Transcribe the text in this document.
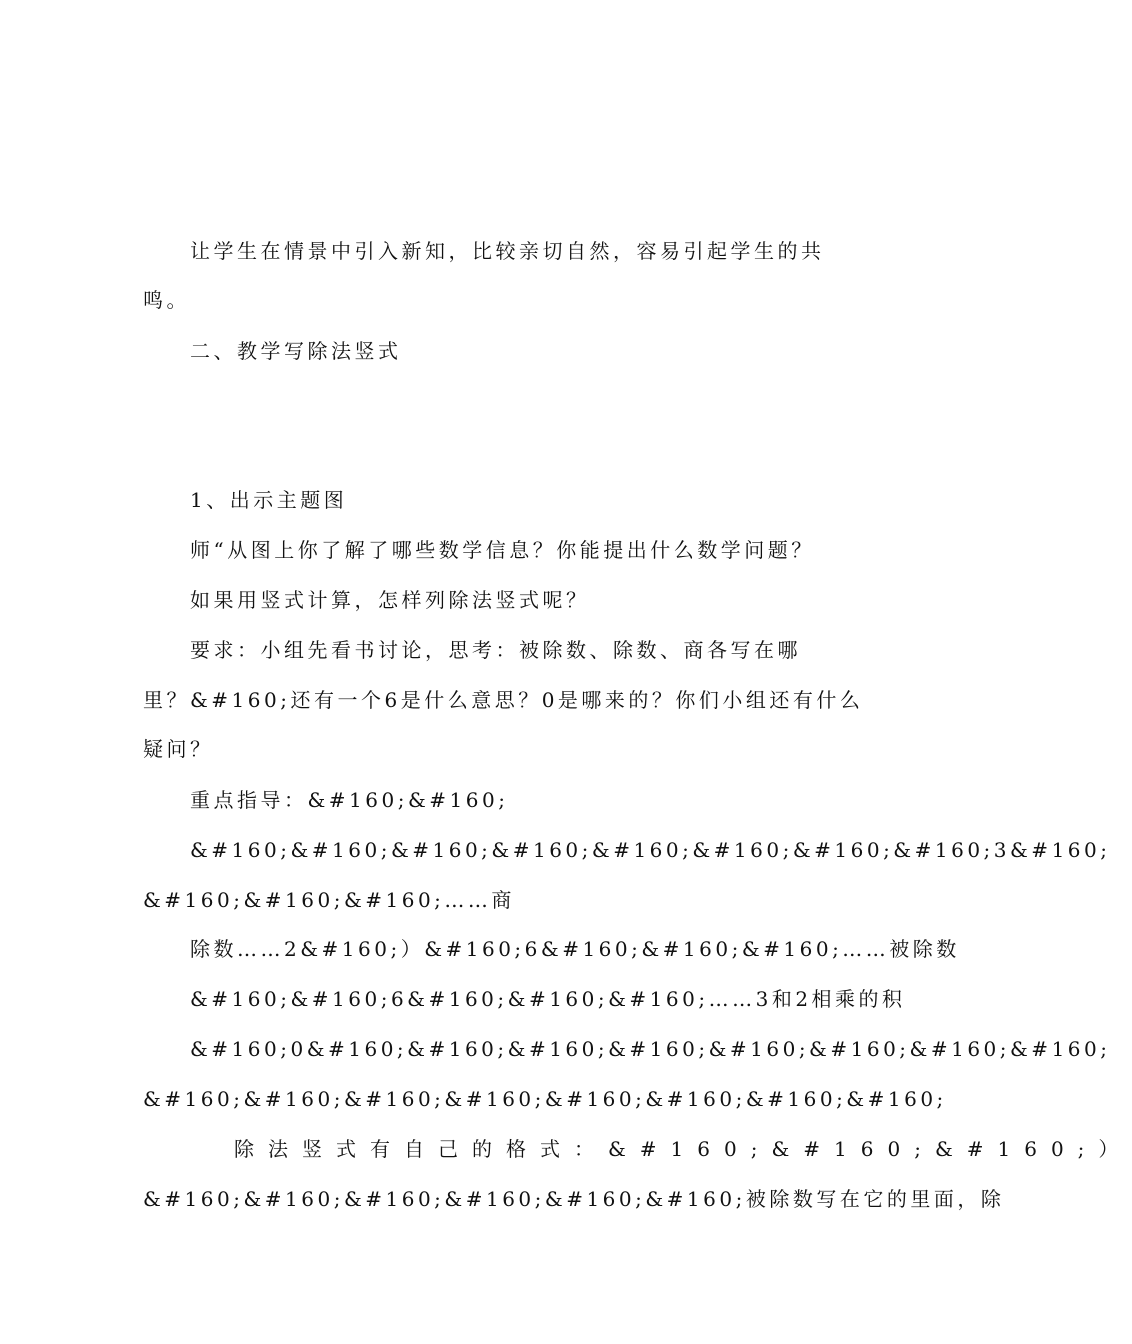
让学生在情景中引入新知，比较亲切自然，容易引起学生的共
鸣。
二、教学写除法竖式
1、出示主题图
师“从图上你了解了哪些数学信息？你能提出什么数学问题？
如果用竖式计算，怎样列除法竖式呢？
要求：小组先看书讨论，思考：被除数、除数、商各写在哪
里？&#160;还有一个6是什么意思？0是哪来的？你们小组还有什么
疑问？
重点指导：&#160;&#160;
&#160;&#160;&#160;&#160;&#160;&#160;&#160;&#160;3&#160;
&#160;&#160;&#160;……商
除数……2&#160;）&#160;6&#160;&#160;&#160;……被除数
&#160;&#160;6&#160;&#160;&#160;……3和2相乘的积
&#160;0&#160;&#160;&#160;&#160;&#160;&#160;&#160;&#160;
&#160;&#160;&#160;&#160;&#160;&#160;&#160;&#160;
除法竖式有自己的格式：&#160;&#160;&#160;）
&#160;&#160;&#160;&#160;&#160;&#160;被除数写在它的里面，除
